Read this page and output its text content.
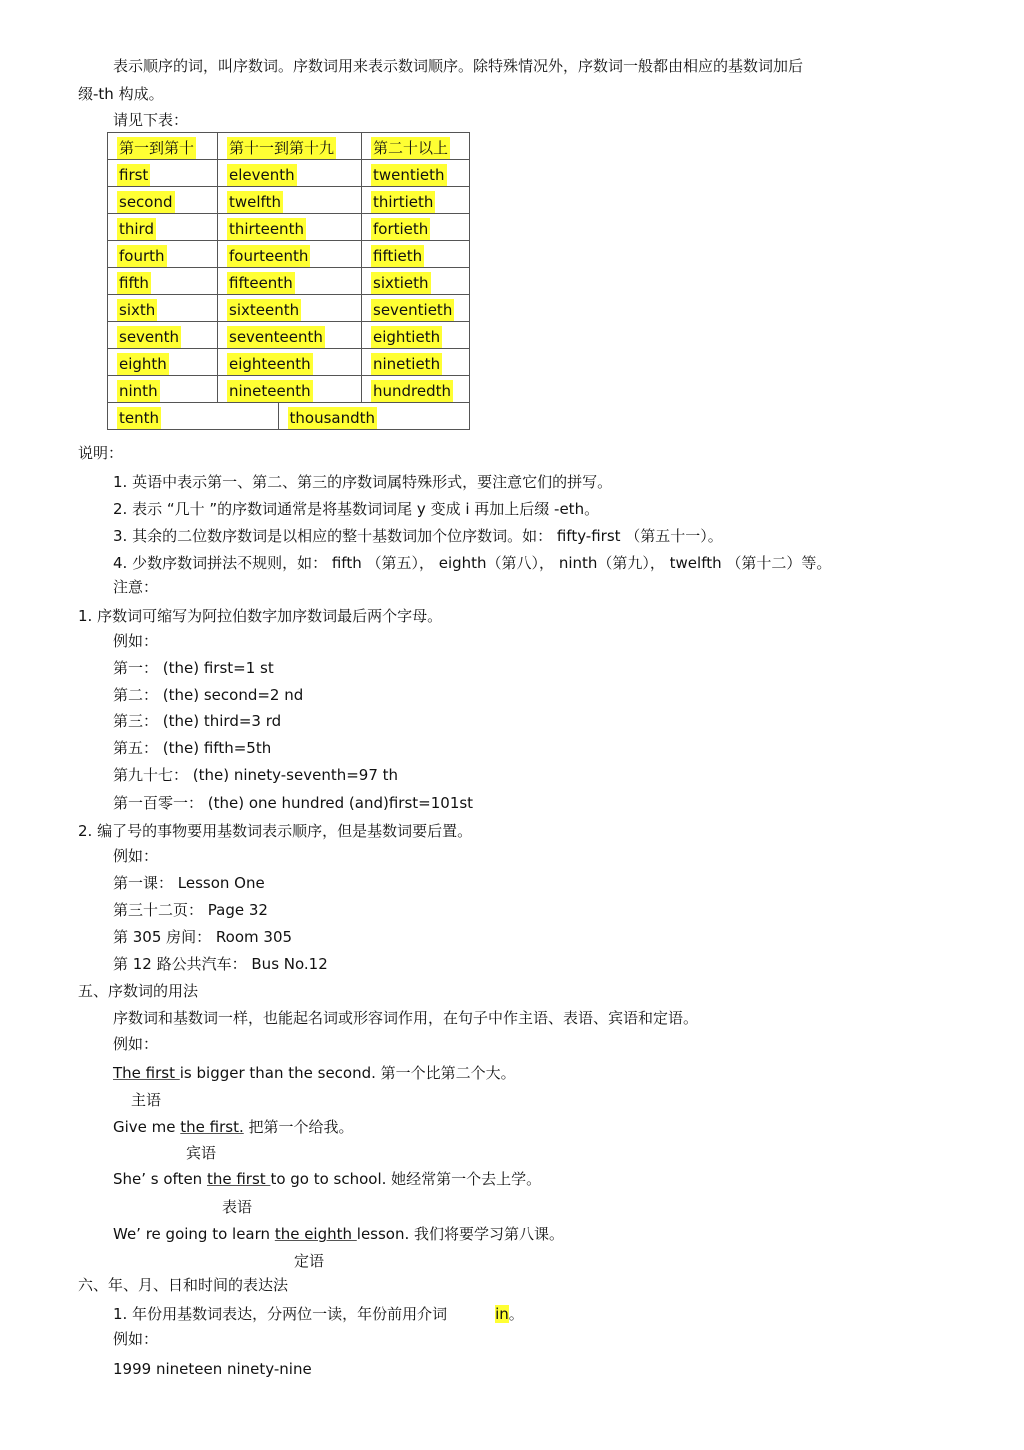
表示顺序的词，叫序数词。序数词用来表示数词顺序。除特殊情况外，序数词一般都由相应的基数词加后
缀-th 构成。
请见下表：
第一到第十	第十一到第十九	第二十以上
first	eleventh	twentieth
second	twelfth	thirtieth
third	thirteenth	fortieth
fourth	fourteenth	fiftieth
fifth	fifteenth	sixtieth
sixth	sixteenth	seventieth
seventh	seventeenth	eightieth
eighth	eighteenth	ninetieth
ninth	nineteenth	hundredth

tenth thousandth		

说明：
1. 英语中表示第一、第二、第三的序数词属特殊形式，要注意它们的拼写。
2. 表示 “几十 ”的序数词通常是将基数词词尾 y 变成 i 再加上后缀 -eth。
3. 其余的二位数序数词是以相应的整十基数词加个位序数词。如： fifty-first （第五十一）。
4. 少数序数词拼法不规则，如： fifth （第五）， eighth（第八）， ninth（第九）， twelfth （第十二）等。
注意：
1. 序数词可缩写为阿拉伯数字加序数词最后两个字母。
例如：
第一： (the) first=1 st
第二： (the) second=2 nd
第三： (the) third=3 rd
第五： (the) fifth=5th
第九十七： (the) ninety-seventh=97 th
第一百零一： (the) one hundred (and)first=101st
2. 编了号的事物要用基数词表示顺序，但是基数词要后置。
例如：
第一课： Lesson One
第三十二页： Page 32
第 305 房间： Room 305
第 12 路公共汽车： Bus No.12
五、序数词的用法
序数词和基数词一样，也能起名词或形容词作用，在句子中作主语、表语、宾语和定语。
例如：
The first is bigger than the second. 第一个比第二个大。
主语
Give me the first. 把第一个给我。
宾语
She’ s often the first to go to school. 她经常第一个去上学。
表语
We’ re going to learn the eighth lesson. 我们将要学习第八课。
定语
六、年、月、日和时间的表达法
1. 年份用基数词表达，分两位一读，年份前用介词	in。
例如：
1999 nineteen ninety-nine
